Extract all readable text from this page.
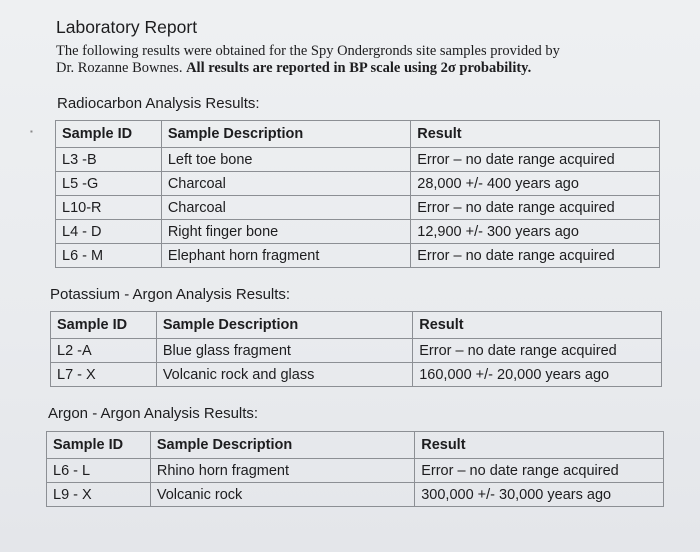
▪
Laboratory Report
The following results were obtained for the Spy Ondergronds site samples provided by
Dr. Rozanne Bownes. All results are reported in BP scale using 2σ probability.
Radiocarbon Analysis Results:
Sample ID	Sample Description		Result
L3 -B	Left toe bone		Error – no date range acquired
L5 -G	Charcoal		28,000 +/- 400 years ago
L10-R	Charcoal		Error – no date range acquired
L4 - D	Right finger bone		12,900 +/- 300 years ago
L6 - M	Elephant horn fragment		Error – no date range acquired
Potassium - Argon Analysis Results:
Sample ID	Sample Description		Result
L2 -A	Blue glass fragment		Error – no date range acquired
L7 - X	Volcanic rock and glass		160,000 +/- 20,000 years ago
Argon - Argon Analysis Results:
Sample ID	Sample Description		Result
L6 - L	Rhino horn fragment		Error – no date range acquired
L9 - X	Volcanic rock		300,000 +/- 30,000 years ago
